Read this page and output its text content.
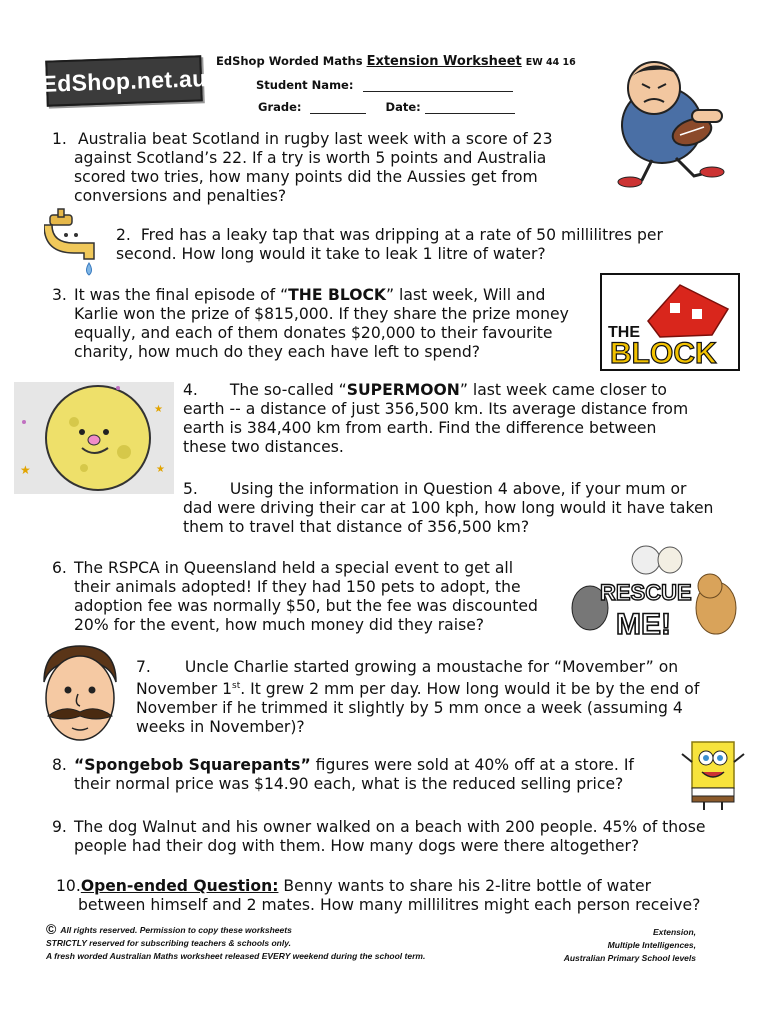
EdShop.net.au
EdShop Worded Maths Extension Worksheet EW 44 16
Student Name:
Grade:	Date:
1. Australia beat Scotland in rugby last week with a score of 23
against Scotland’s 22. If a try is worth 5 points and Australia
scored two tries, how many points did the Aussies get from
conversions and penalties?
2. Fred has a leaky tap that was dripping at a rate of 50 millilitres per
second. How long would it take to leak 1 litre of water?
THE
BLOCK
3. It was the final episode of “THE BLOCK” last week, Will and
Karlie won the prize of $815,000. If they share the prize money
equally, and each of them donates $20,000 to their favourite
charity, how much do they each have left to spend?
★
★
★
4. The so-called “SUPERMOON” last week came closer to
earth -- a distance of just 356,500 km. Its average distance from
earth is 384,400 km from earth. Find the difference between
these two distances.
5. Using the information in Question 4 above, if your mum or
dad were driving their car at 100 kph, how long would it have taken
them to travel that distance of 356,500 km?
RESCUE
ME!
6. The RSPCA in Queensland held a special event to get all
their animals adopted! If they had 150 pets to adopt, the
adoption fee was normally $50, but the fee was discounted
20% for the event, how much money did they raise?
7. Uncle Charlie started growing a moustache for “Movember” on
November 1st. It grew 2 mm per day. How long would it be by the end of
November if he trimmed it slightly by 5 mm once a week (assuming 4
weeks in November)?
8. “Spongebob Squarepants” figures were sold at 40% off at a store. If
their normal price was $14.90 each, what is the reduced selling price?
9. The dog Walnut and his owner walked on a beach with 200 people. 45% of those
people had their dog with them. How many dogs were there altogether?
10.Open-ended Question: Benny wants to share his 2-litre bottle of water
between himself and 2 mates. How many millilitres might each person receive?
© All rights reserved. Permission to copy these worksheets
STRICTLY reserved for subscribing teachers & schools only.
A fresh worded Australian Maths worksheet released EVERY weekend during the school term.
Extension,
Multiple Intelligences,
Australian Primary School levels
